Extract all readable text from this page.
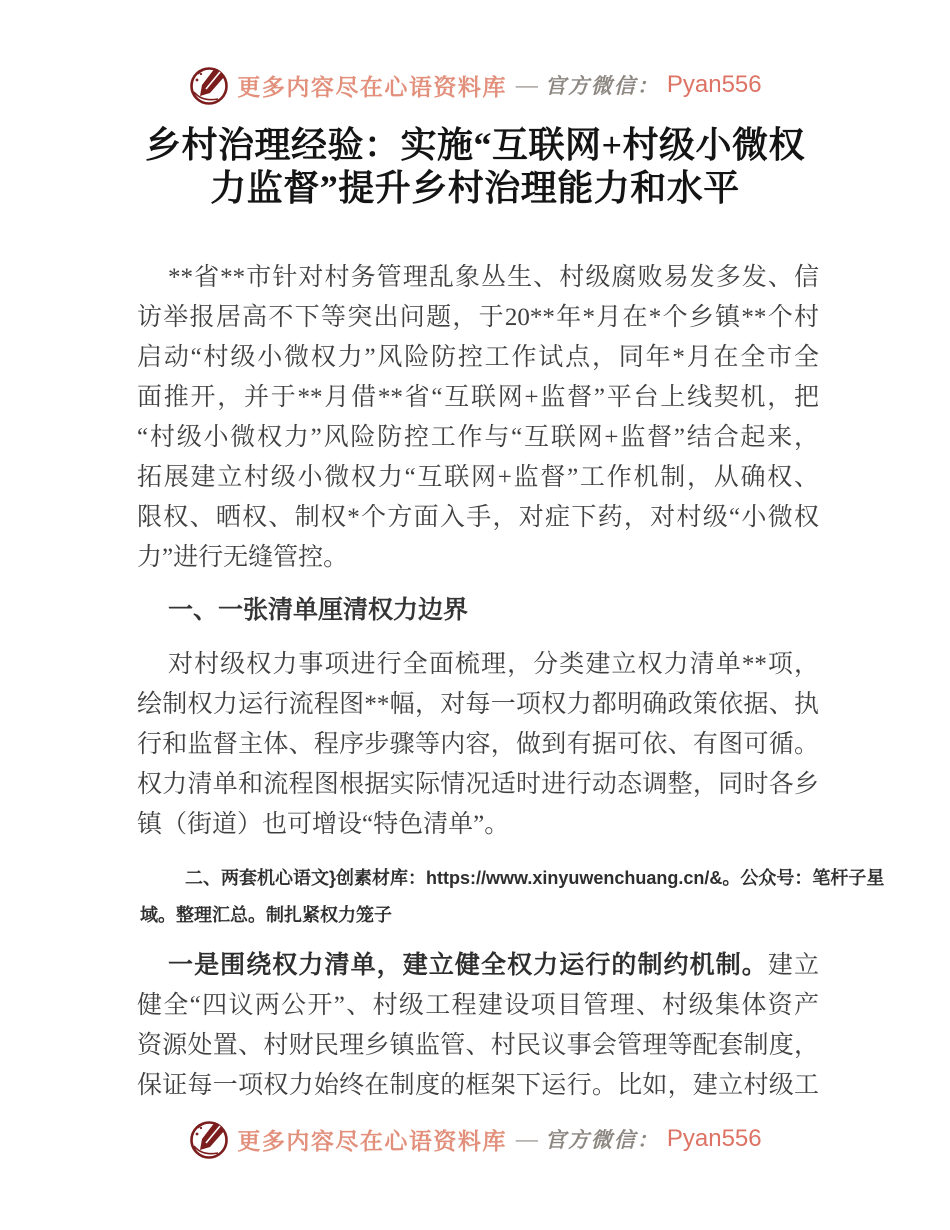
更多内容尽在心语资料库 — 官方微信： Pyan556
乡村治理经验：实施“互联网+村级小微权
力监督”提升乡村治理能力和水平
**省**市针对村务管理乱象丛生、村级腐败易发多发、信
访举报居高不下等突出问题，于20**年*月在*个乡镇**个村
启动“村级小微权力”风险防控工作试点，同年*月在全市全
面推开，并于**月借**省“互联网+监督”平台上线契机，把
“村级小微权力”风险防控工作与“互联网+监督”结合起来，
拓展建立村级小微权力“互联网+监督”工作机制，从确权、
限权、晒权、制权*个方面入手，对症下药，对村级“小微权
力”进行无缝管控。
一、一张清单厘清权力边界
对村级权力事项进行全面梳理，分类建立权力清单**项，
绘制权力运行流程图**幅，对每一项权力都明确政策依据、执
行和监督主体、程序步骤等内容，做到有据可依、有图可循。
权力清单和流程图根据实际情况适时进行动态调整，同时各乡
镇（街道）也可增设“特色清单”。
二、两套机心语文}创素材库：https://www.xinyuwenchuang.cn/&。公众号：笔杆子星
域。整理汇总。制扎紧权力笼子
一是围绕权力清单，建立健全权力运行的制约机制。建立
健全“四议两公开”、村级工程建设项目管理、村级集体资产
资源处置、村财民理乡镇监管、村民议事会管理等配套制度，
保证每一项权力始终在制度的框架下运行。比如，建立村级工
更多内容尽在心语资料库 — 官方微信： Pyan556
